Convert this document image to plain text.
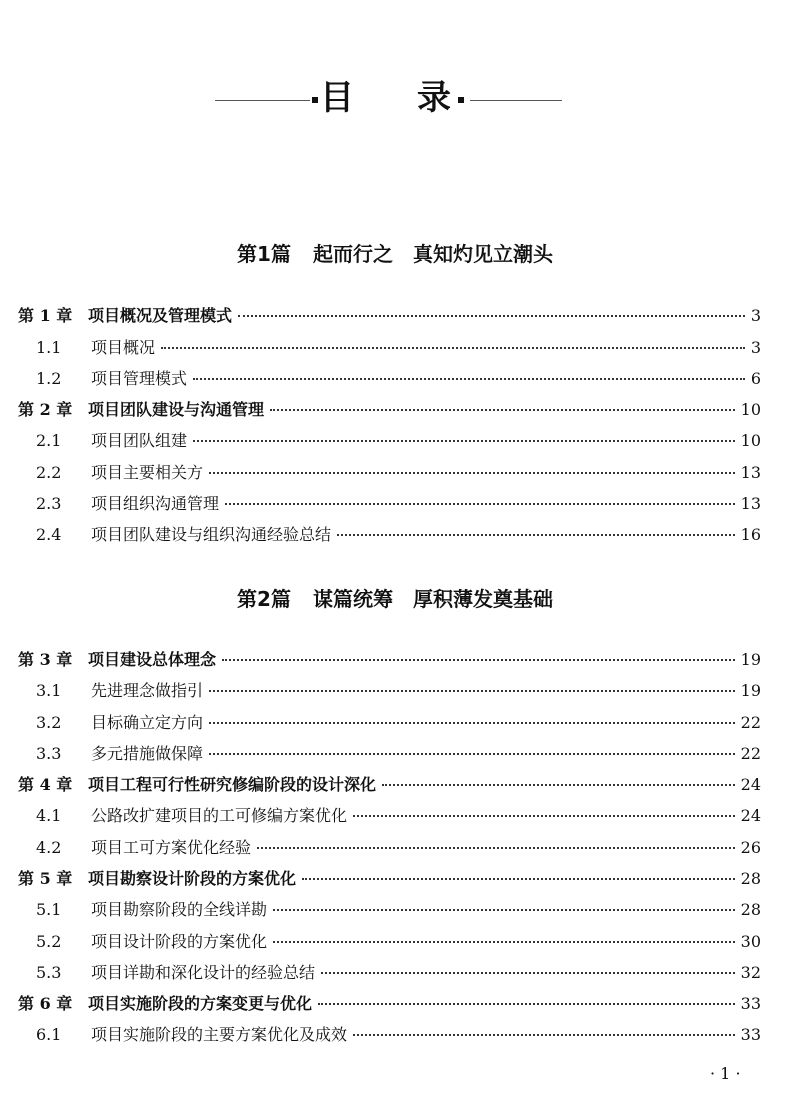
目 录
第1篇 起而行之　真知灼见立潮头
第 1 章 项目概况及管理模式	3
1.1	项目概况	3
1.2	项目管理模式	6
第 2 章 项目团队建设与沟通管理	10
2.1	项目团队组建	10
2.2	项目主要相关方	13
2.3	项目组织沟通管理	13
2.4	项目团队建设与组织沟通经验总结	16
第2篇 谋篇统筹　厚积薄发奠基础
第 3 章 项目建设总体理念	19
3.1	先进理念做指引	19
3.2	目标确立定方向	22
3.3	多元措施做保障	22
第 4 章 项目工程可行性研究修编阶段的设计深化	24
4.1	公路改扩建项目的工可修编方案优化	24
4.2	项目工可方案优化经验	26
第 5 章 项目勘察设计阶段的方案优化	28
5.1	项目勘察阶段的全线详勘	28
5.2	项目设计阶段的方案优化	30
5.3	项目详勘和深化设计的经验总结	32
第 6 章 项目实施阶段的方案变更与优化	33
6.1	项目实施阶段的主要方案优化及成效	33
· 1 ·
